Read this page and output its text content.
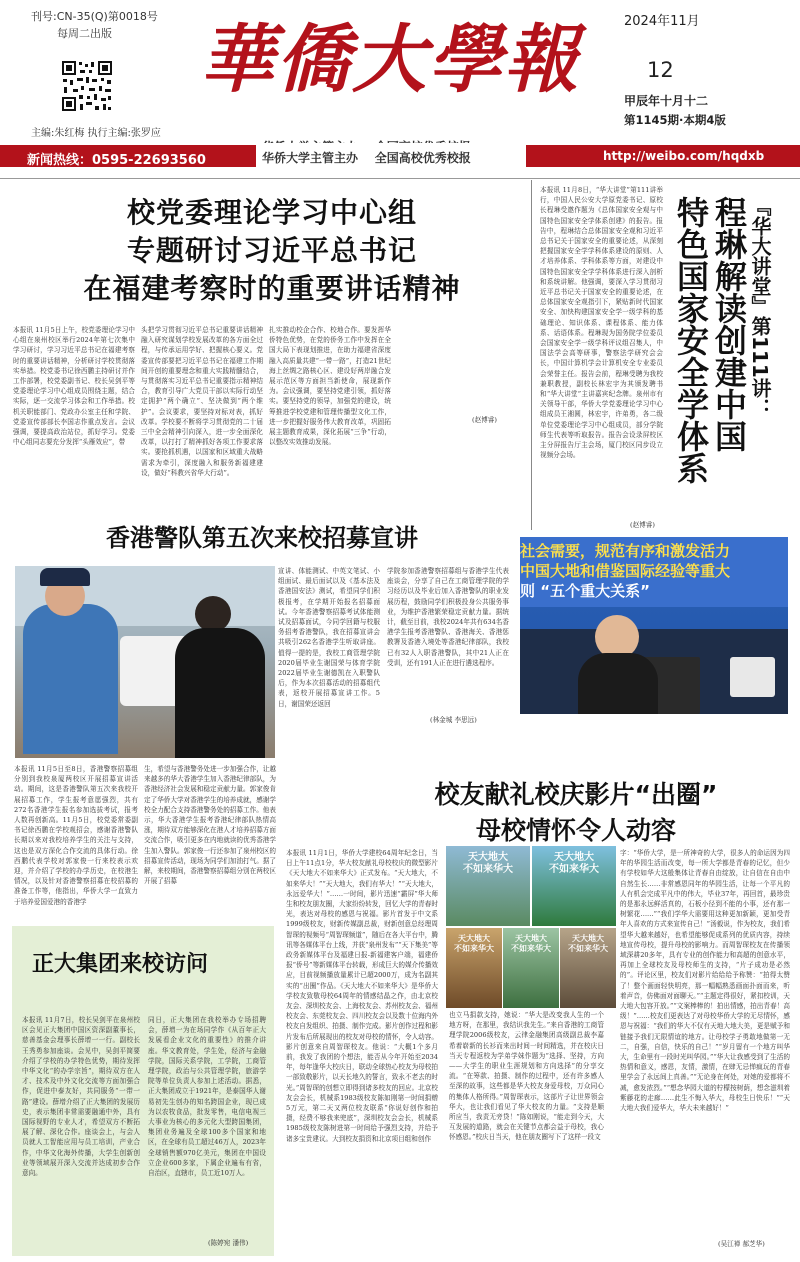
刊号:CN-35(Q)第0018号
每周二出版
主编:朱红梅 执行主编:张罗应
華僑大學報	2024年11月
12
甲辰年十月十二
第1145期·本期4版
华侨大学主管主办    全国高校优秀校报
新闻热线：0595-22693560	http://weibo.com/hqdxb
校党委理论学习中心组
专题研讨习近平总书记
在福建考察时的重要讲话精神

本报讯 11月5日上午，校党委理论学习中心组在泉州校区举行2024年第七次集中学习研讨，学习习近平总书记在福建考察时的重要讲话精神，分析研讨学校贯彻落实举措。校党委书记徐西鹏主持研讨并作工作部署，校党委副书记、校长吴剑平等党委理论学习中心组成员围绕主题，结合实际，逐一交流学习体会和工作举措。校机关职能部门、党政办公室主任和学院、党委宣传部部长李国志作重点发言。会议强调，要提高政治站位，抓好学习。党委中心组同志要充分发挥“头雁效应”，带

头把学习贯彻习近平总书记重要讲话精神融入研究谋划学校发展改革的各方面全过程，与传承运用学好、把握核心要义。党委宣传部要把习近平总书记在福建工作期间开创的重要理念和重大实践精髓结合，与贯彻落实习近平总书记重要指示精神结合，教育引导广大党员干部以实际行动坚定拥护“两个确立”、坚决做到“两个维护”。会议要求，要坚持对标对表，抓好改革。学校要不断将学习贯彻党的二十届三中全会精神引向深入，进一步全面深化改革，以打打了精神抓好各项工作要求落实。要抢抓机遇，以国家和区域重大战略需求为牵引，深度融入和服务新福建建设，做好“科教兴省华大行动”。

扎实推动校企合作、校地合作。要发挥华侨特色优势，在党的侨务工作中发挥在全国大局下表现划推进，在助力福建省深度融入高质量共建“一带一路”，打造21世纪海上丝绸之路核心区、建设好两岸融合发展示范区等方面担当新使命，展现新作为。会议强调，要坚持党建引领，抓好落实。要坚持党的领导，加强党的建设，统筹推进学校党建和管理传播型文化工作，进一步把握好服务伟大教育改革，巩固拓展主题教育成果，深化拓展“三争”行动，以整改实效推动发展。

(赵博睿)
『华大讲堂』第111讲：
程琳解读创建中国
特色国家安全学体系

本报讯 11月8日，“华大讲堂”第111讲举行，中国人民公安大学原党委书记、原校长程琳受邀作题为《总体国家安全观与中国特色国家安全学体系创建》的报告。报告中，程琳结合总体国家安全观和习近平总书记关于国家安全的重要论述，从深刻把握国家安全学学科体系建设的原则、人才培养体系、学科体系等方面，对建设中国特色国家安全学学科体系进行深入剖析和系统讲解。他强调，要深入学习贯彻习近平总书记关于国家安全的重要论述，在总体国家安全观指引下，紧贴新时代国家安全、加快构建国家安全学一级学科的基础理论、知识体系、课程体系、能力体系、话语体系。程琳现为国务院学位委员会国家安全学一级学科评议组召集人，中国法学会高等研事，警察法学研究会会长，中国计算机学会计算机安全专业委员会荣誉主任。报告会前，程琳受聘为我校兼职教授，副校长林宏宇为其颁发聘书和“华大讲堂”主讲嘉宾纪念牌。泉州市有关领导干部，华侨大学党委理论学习中心组成员王湘圆，林宏宇，许弟勇，各二级单位党委理论学习中心组成员，部分学院师生代表等听取报告。报告会设录屏校区主分屏报告厅主会场，厦门校区同步设立视频分会场。

(赵博睿)
社会需要，规范有序和激发活力
中国大地和借鉴国际经验等重大
则 “五个重大关系”
香港警队第五次来校招募宣讲

宣讲、体能测试、中英文笔试、小组面试、最后面试以及《基本法及香港国安法》测试，希望同学们积极报考，在学期开始报名招募面试。今年香港警察招募考试体能测试及招募面试，今同学回籍与校服务招考香港警队，我在招募宣讲会共吸引262名香港学生听取讲座。值得一提的是，我校工商管理学院2020届毕业生谢国荣与体育学院2022届毕业生谢德凯在入职警队后，作为本次招募活动的招募组代表，返校开展招募宣讲工作。5日，谢国荣还返回

学院参加香港警察招募组与香港学生代表座谈会，分享了自己在工商管理学院的学习经历以及毕业后加入香港警队的职业发展历程，鼓励同学们积极投身公共服务事业，为维护香港繁荣稳定贡献力量。据统计，截至目前，我校2024年共有634名香港学生报考香港警队、香港海关、香港惩教署及香港入境处等香港纪律部队，我校已有32人入职香港警队，其中21人正在受训，还有191人正在进行遴选程序。

(林金城 李思远)

本报讯 11月5日至8日，香港警察招募组分别到我校泉厦两校区开展招募宣讲活动。期间，这是香港警队第五次来我校开展招募工作，学生报考意愿强烈，共有272名香港学生报名参加选拔考试，报考人数再创新高。11月5日，校党委常委副书记徐西鹏在学校观招会，感谢香港警队长期以来对我校培养学生的关注与支持，这也是双方深化合作交流的具体行动。徐西鹏代表学校对郭家俊一行来校表示欢迎，并介绍了学校的办学历史，在校港生情况，以及针对香港警察招募在校招募的准备工作等，他指出，华侨大学一直致力于培养爱国爱港的香港学

生，希望与香港警务处进一步加强合作，让越来越多的华大香港学生加入香港纪律部队，为香港经济社会发展和稳定贡献力量。郭家俊肯定了华侨大学对香港学生的培养成就，感谢学校全力配合支持香港警务处的招募工作。他表示，华大香港学生报考香港纪律部队热情高涨，期待双方能够深化在港人才培养招募方面交流合作，吸引更多在内地就读的优秀香港学生加入警队。郭家俊一行还参加了泉州校区的招募宣传活动，现场为同学们加油打气。据了解，来校期间，香港警察招募组分别在两校区开展了招募

校友献礼校庆影片“出圈”
母校情怀令人动容

本报讯 11月1日，华侨大学建校64周年纪念日，当日上午11点1分，华大校友献礼母校校庆的微型影片《天大地大不如来华大》正式发布。“天大地大，不如来华大！”“天大地大，我们有华大！”“天大地大，永远爱华大！”……一时间，影片迅速“霸屏”华大师生和校友朋友圈，大家纷纷转发，回忆大学的青春时光，表达对母校的感恩与祝福。影片首发于中文系1999级校友，财新传媒副总裁，财新创意总经理周智琛的视频号“周智琛频道”，随后在各大平台中，腾讯等各媒体平台上线，并获“泉州发布”“天下集美”等政务新媒体平台及福建日报-新福建客户端，福建侨报“侨号”等新媒体平台转载，形成巨大的媒介传播效应，目前视频播放量累计已超2000万，成为名副其实的“出圈”作品。《天大地大不如来华大》是华侨大学校友致敬母校64周年的情感结晶之作，由北京校友会、深圳校友会、上海校友会、苏州校友会、福州校友会、东莞校友会、四川校友会以及数十位海内外校友自发组织、拍摄、制作完成。影片创作过程和影片发布后所展现出的校友对母校的情怀，令人动容。影片创意来自周智琛校友。他说：“大概1个多月前，我发了我团的个想法，能否从今年开始至2034年，每年逢华大校庆日，联动全球热心校友为母校拍一部致敬影片，以天长地久的誓言，致永不老去的时光。”周智琛的创想立即得到诸多校友的回应。北京校友会会长，机械系1983级校友陈如刚第一时间捐赠5万元，第二天又两位校友联系“你说好创作和拍摄，经费不够我来兜底”，深圳校友会会长，机械系1985级校友陈树进第一时间给予强烈支持，并给予诸多宝贵建议。大到校友捐资和北京项目组和创作

也立马捐款支持，她说：“华大是改变我人生的一个地方呀，在那里，我结识我先生。”来自香港的工商管理学院2006级校友，云律金融集团高级副总裁李嘉希着崭新的长衫而来出时间一时间精选，并在校庆日当天专程返校为学弟学妹作题为“选择、坚持，方向——大学生的职业生涯规划和方向选择”的分享交流。“在筹款、拍摄、制作的过程中，还有许多感人至深的故事，这些都是华大校友身爱母校，万众同心的集体人格所得。”周智琛表示，这部片子让世界领会华大，也让我们看见了华大校友的力量。“支持是顺所应当，我责无旁贷！”陈如刚说，“能走到今天，大互发展的道路，就会在关键节点都会益于母校，我心怀感恩。”校庆日当天，他在朋友圈写下了这样一段文

字：“华侨大学，是一所神奇的大学，很多人的命运因为四年的华园生活而改变，每一所大学都是青春的记忆，但少有学校如华大这般集体让青春自由绽放，让自信在自由中自然生长……非常感恩同年的华园生活，让每一个平凡的人有机会完成平凡中的伟大，毕业37年，再回首，最珍贵的是那永远鲜活真的，石板小径到不能的小事，还有那一树繁花……”“我们学华大需要用这种更加新颖，更加受青年人喜欢的方式来宣传自己！”汤毅说，作为校友，我们希望华大越来越好，也希望能够促成系列的优质内容，持续地宣传母校，提升母校的影响力。而周智琛校友在传播领域深耕20多年，具有专业的创作能力和高超的创意水平，再加上全球校友及母校师生的支持，“片子成功是必然的”。评论区里，校友们对影片给给给予称赞：“拍得太赞了！整个画面轻快明亮，那一幅幅熟悉画面扑面而来，听着声音，仿佛面对面聊天。”“主题定得很好，紧扣校训，天大地大包容开放。”“文案棒棒的！拍出情感，拍出青春！高级！”……校友们更表达了对母校华侨大学的无尽情怀，感恩与祝福：“我们的华大不仅有天地大地大美，更是赋予和链接予我们无限情谊的地方。让母校学子勇敢地做第一无二，自强，自信，快乐的自己！”“岁月留有一个地方叫华大，生命里有一段时光叫华园。”“华大让我感受到了生活的热情和意义，感恩，友情，激情，在肆无忌惮疯玩的青春里学会了永远间上真善。”“无论身在何处，对她的爱都将不减，愈发浓烈。”“想念华园大道的柠檬按树荫，想念滋圳着紫藤花的走廊……此生不悔入华大，母校生日快乐！”“天大地大我们爱华大，华大未来越好！”

(吴江禅 郝芝华)
天大地大
不如来华大
天大地大
不如来华大
天大地大
不如来华大
天大地大
不如来华大
天大地大
不如来华大
正大集团来校访问

本报讯 11月7日，校长吴剑平在泉州校区会见正大集团中国区资深副董事长，慈善基金会理事长薛增一一行。副校长王秀勇参加座谈。会见中，吴剑平简要介绍了学校的办学特色优势，期待发挥中华文化“的办学宗旨”，期待双方在人才、技术及中外文化交流等方面加强合作，促进中泰友好，共同服务“一带一路”建设。薛增介绍了正大集团的发展历史，表示集团非常需要融通中外，具有国际视野的专业人才，希望双方不断拓展了解、深化合作。座谈会上，与会人员就人工智能应用与员工培训，产业合作，中华文化海外传播，大学生创新创业等领域展开深入交流并达成初步合作意向。

同日，正大集团在我校举办专场招聘会，薛增一为在场同学作《从百年正大发展看企业文化的重要性》的推介讲座。华文教育处，学生处，经济与金融学院，国际关系学院，工学院，工商管理学院，政治与公共管理学院，旅游学院等单位负责人参加上述活动。据悉，正大集团成立于1921年，是泰国华人谢易初先生创办的知名跨国企业，现已成为以农牧食品，批发零售，电信电视三大事业为核心的多元化大型跨国集团，集团业务遍及全球100多个国家和地区，在全球有员工超过46万人，2023年全球销售额970亿美元，集团在中国设立企业600多家，下属企业遍布有省，自治区，直辖市，员工近10万人。

(陈婷宛 潘伟)
